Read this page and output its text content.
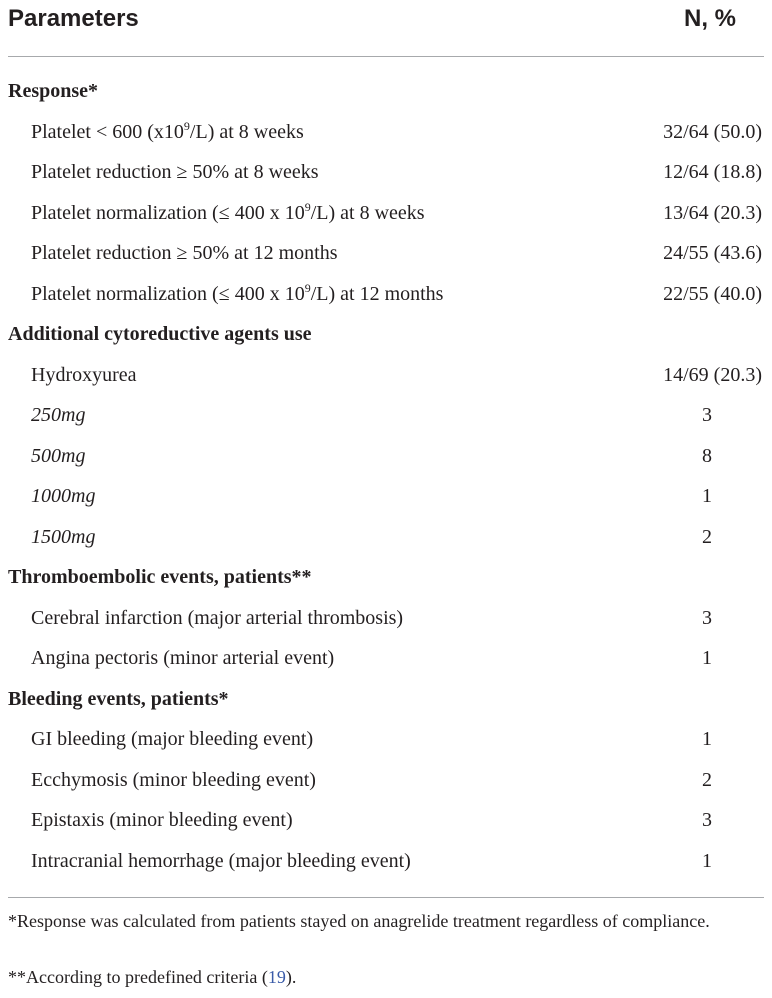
Parameters	N, %
Response*
Platelet < 600 $(x10^9/L)$ at 8 weeks	32/64 (50.0)
Platelet reduction ≥ 50% at 8 weeks	12/64 (18.8)
Platelet normalization (≤ 400 x $10^9/L$) at 8 weeks	13/64 (20.3)
Platelet reduction ≥ 50% at 12 months	24/55 (43.6)
Platelet normalization (≤ 400 x $10^9/L$) at 12 months	22/55 (40.0)
Additional cytoreductive agents use
Hydroxyurea	14/69 (20.3)
250mg	3
500mg	8
1000mg	1
1500mg	2
Thromboembolic events, patients**
Cerebral infarction (major arterial thrombosis)	3
Angina pectoris (minor arterial event)	1
Bleeding events, patients*
GI bleeding (major bleeding event)	1
Ecchymosis (minor bleeding event)	2
Epistaxis (minor bleeding event)	3
Intracranial hemorrhage (major bleeding event)	1
*Response was calculated from patients stayed on anagrelide treatment regardless of compliance.
**According to predefined criteria (19).
